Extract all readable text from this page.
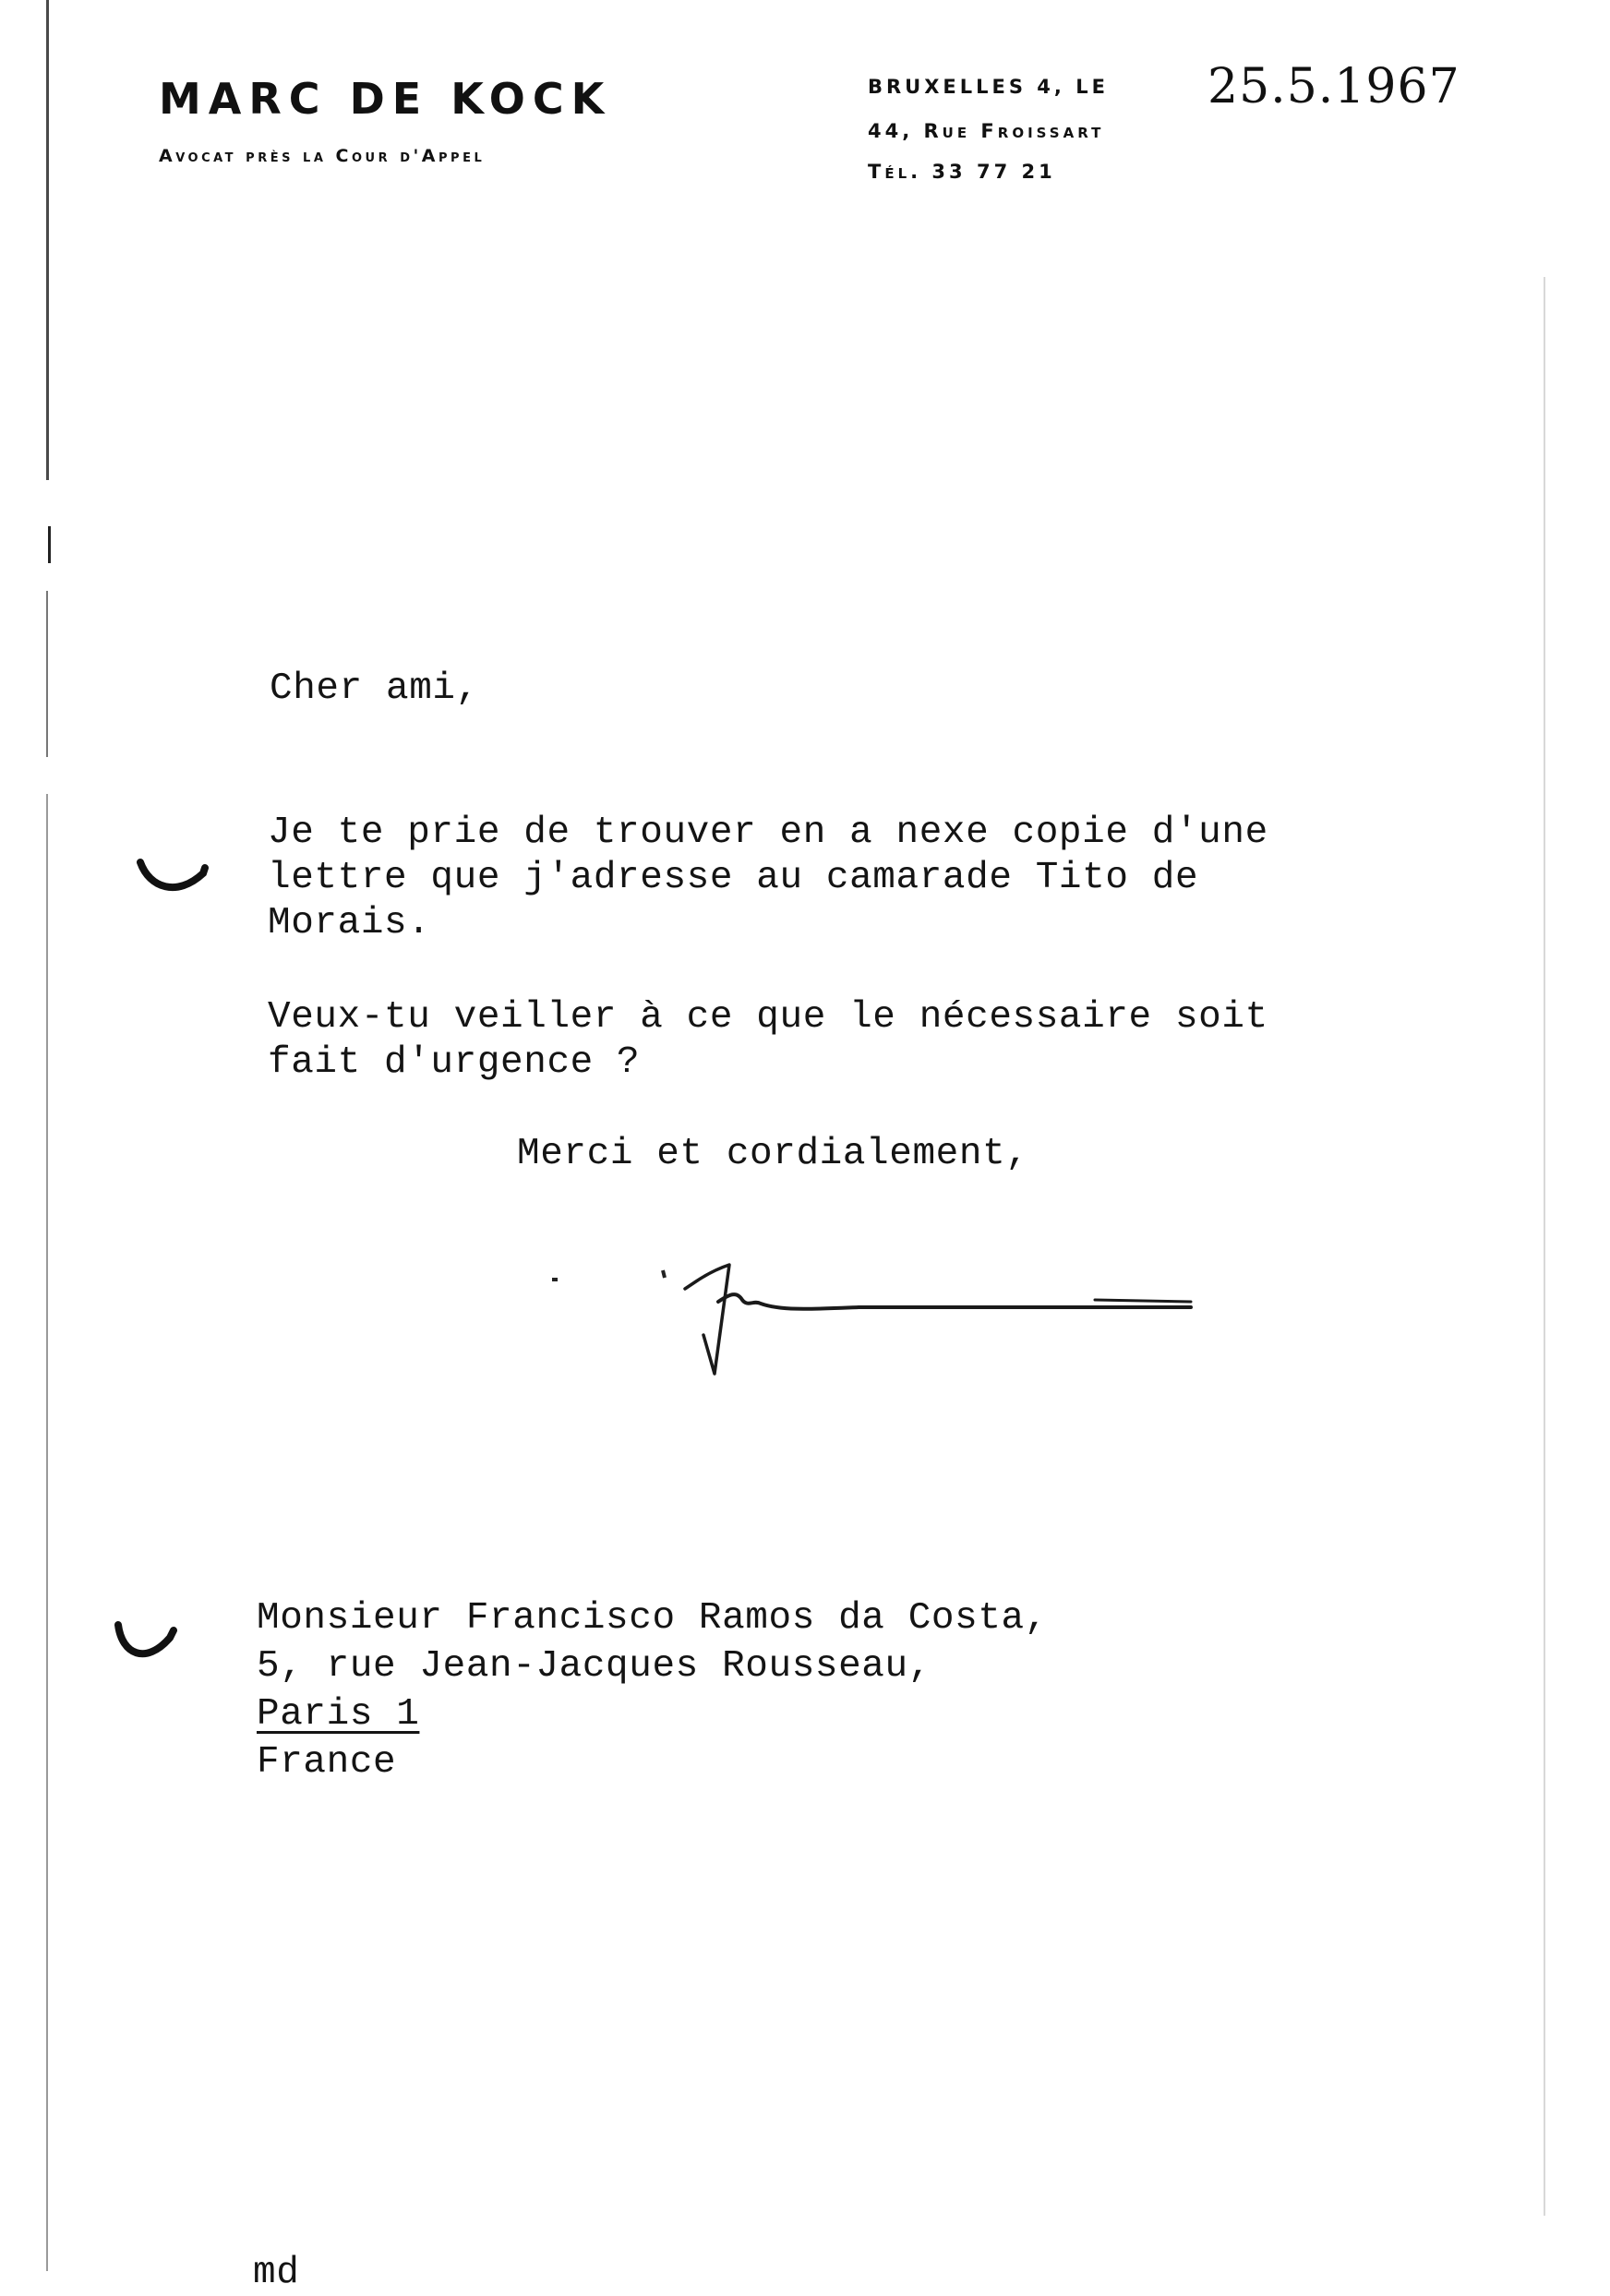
MARC DE KOCK
Avocat près la Cour d'Appel
BRUXELLES 4, LE 25.5.1967
44, Rue Froissart
Tél. 33 77 21
Cher ami,
Je te prie de trouver en a nexe copie d'une
lettre que j'adresse au camarade Tito de
Morais.
Veux-tu veiller à ce que le nécessaire soit
fait d'urgence ?
Merci et cordialement,
Monsieur Francisco Ramos da Costa,
5, rue Jean-Jacques Rousseau,
Paris 1
France
md
